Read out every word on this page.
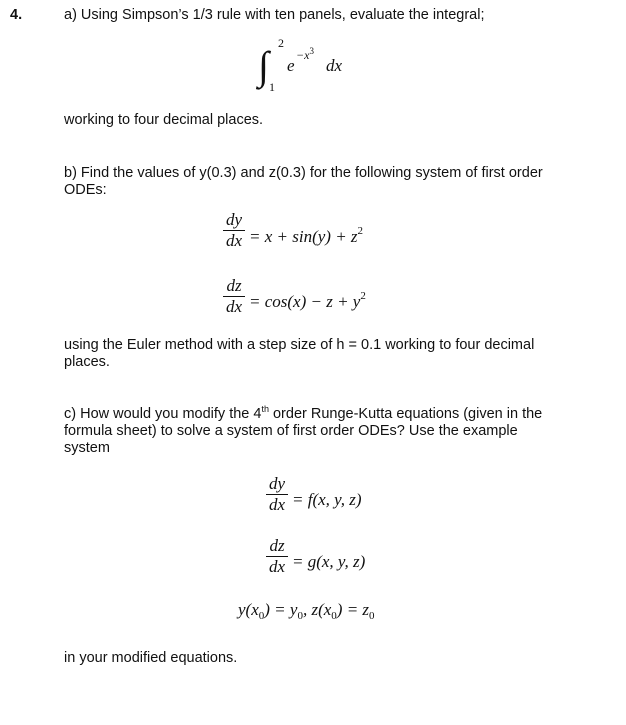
4.	a) Using Simpson’s 1/3 rule with ten panels, evaluate the integral;
∫ 2
1
e
$-x^3$
dx
working to four decimal places.
b) Find the values of y(0.3) and z(0.3) for the following system of first order
ODEs:
dy
dx = $x + \sin(y) + z^2$
dz
dx = $\cos(x) - z + y^2$
using the Euler method with a step size of h = 0.1 working to four decimal
places.
c) How would you modify the 4th order Runge-Kutta equations (given in the
formula sheet) to solve a system of first order ODEs? Use the example
system
dy
dx = f(x, y, z)
dz
dx = g(x, y, z)
$y(x_0) = y_0$, $z(x_0) = z_0$
in your modified equations.
